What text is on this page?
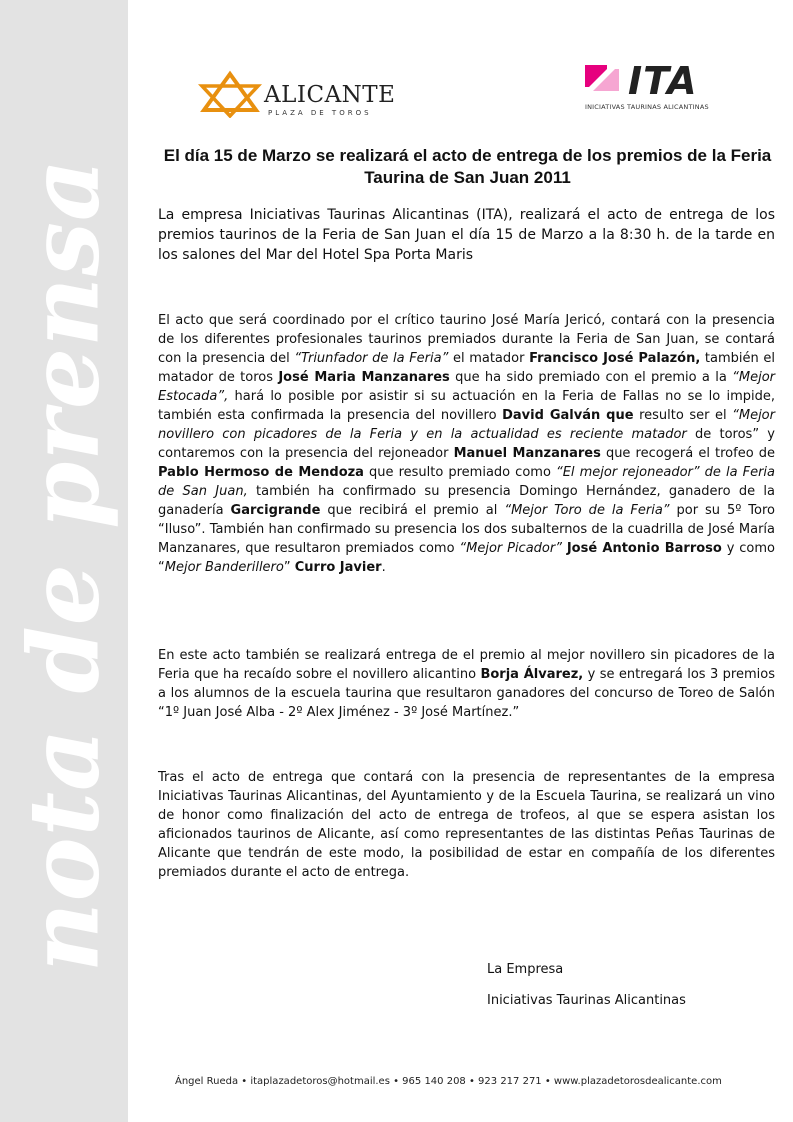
nota de prensa
ALICANTE
PLAZA DE TOROS
ITA
INICIATIVAS TAURINAS ALICANTINAS
El día 15 de Marzo se realizará el acto de entrega de los premios de la Feria Taurina de San Juan 2011

La empresa Iniciativas Taurinas Alicantinas (ITA), realizará el acto de entrega de los premios taurinos de la Feria de San Juan el día 15 de Marzo a la 8:30 h. de la tarde en los salones del Mar del Hotel Spa Porta Maris

El acto que será coordinado por el crítico taurino José María Jericó, contará con la presencia de los diferentes profesionales taurinos premiados durante la Feria de San Juan, se contará con la presencia del “Triunfador de la Feria” el matador Francisco José Palazón, también el matador de toros José Maria Manzanares que ha sido premiado con el premio a la “Mejor Estocada”, hará lo posible por asistir si su actuación en la Feria de Fallas no se lo impide, también esta confirmada la presencia del novillero David Galván que resulto ser el “Mejor novillero con picadores de la Feria y en la actualidad es reciente matador de toros” y contaremos con la presencia del rejoneador Manuel Manzanares que recogerá el trofeo de Pablo Hermoso de Mendoza que resulto premiado como “El mejor rejoneador” de la Feria de San Juan, también ha confirmado su presencia Domingo Hernández, ganadero de la ganadería Garcigrande que recibirá el premio al “Mejor Toro de la Feria” por su 5º Toro “Iluso”. También han confirmado su presencia los dos subalternos de la cuadrilla de José María Manzanares, que resultaron premiados como “Mejor Picador” José Antonio Barroso y como “Mejor Banderillero” Curro Javier.

En este acto también se realizará entrega de el premio al mejor novillero sin picadores de la Feria que ha recaído sobre el novillero alicantino Borja Álvarez, y se entregará los 3 premios a los alumnos de la escuela taurina que resultaron ganadores del concurso de Toreo de Salón “1º Juan José Alba - 2º Alex Jiménez - 3º José Martínez.”

Tras el acto de entrega que contará con la presencia de representantes de la empresa Iniciativas Taurinas Alicantinas, del Ayuntamiento y de la Escuela Taurina, se realizará un vino de honor como finalización del acto de entrega de trofeos, al que se espera asistan los aficionados taurinos de Alicante, así como representantes de las distintas Peñas Taurinas de Alicante que tendrán de este modo, la posibilidad de estar en compañía de los diferentes premiados durante el acto de entrega.

La Empresa

Iniciativas Taurinas Alicantinas

Ángel Rueda • itaplazadetoros@hotmail.es • 965 140 208 • 923 217 271 • www.plazadetorosdealicante.com
